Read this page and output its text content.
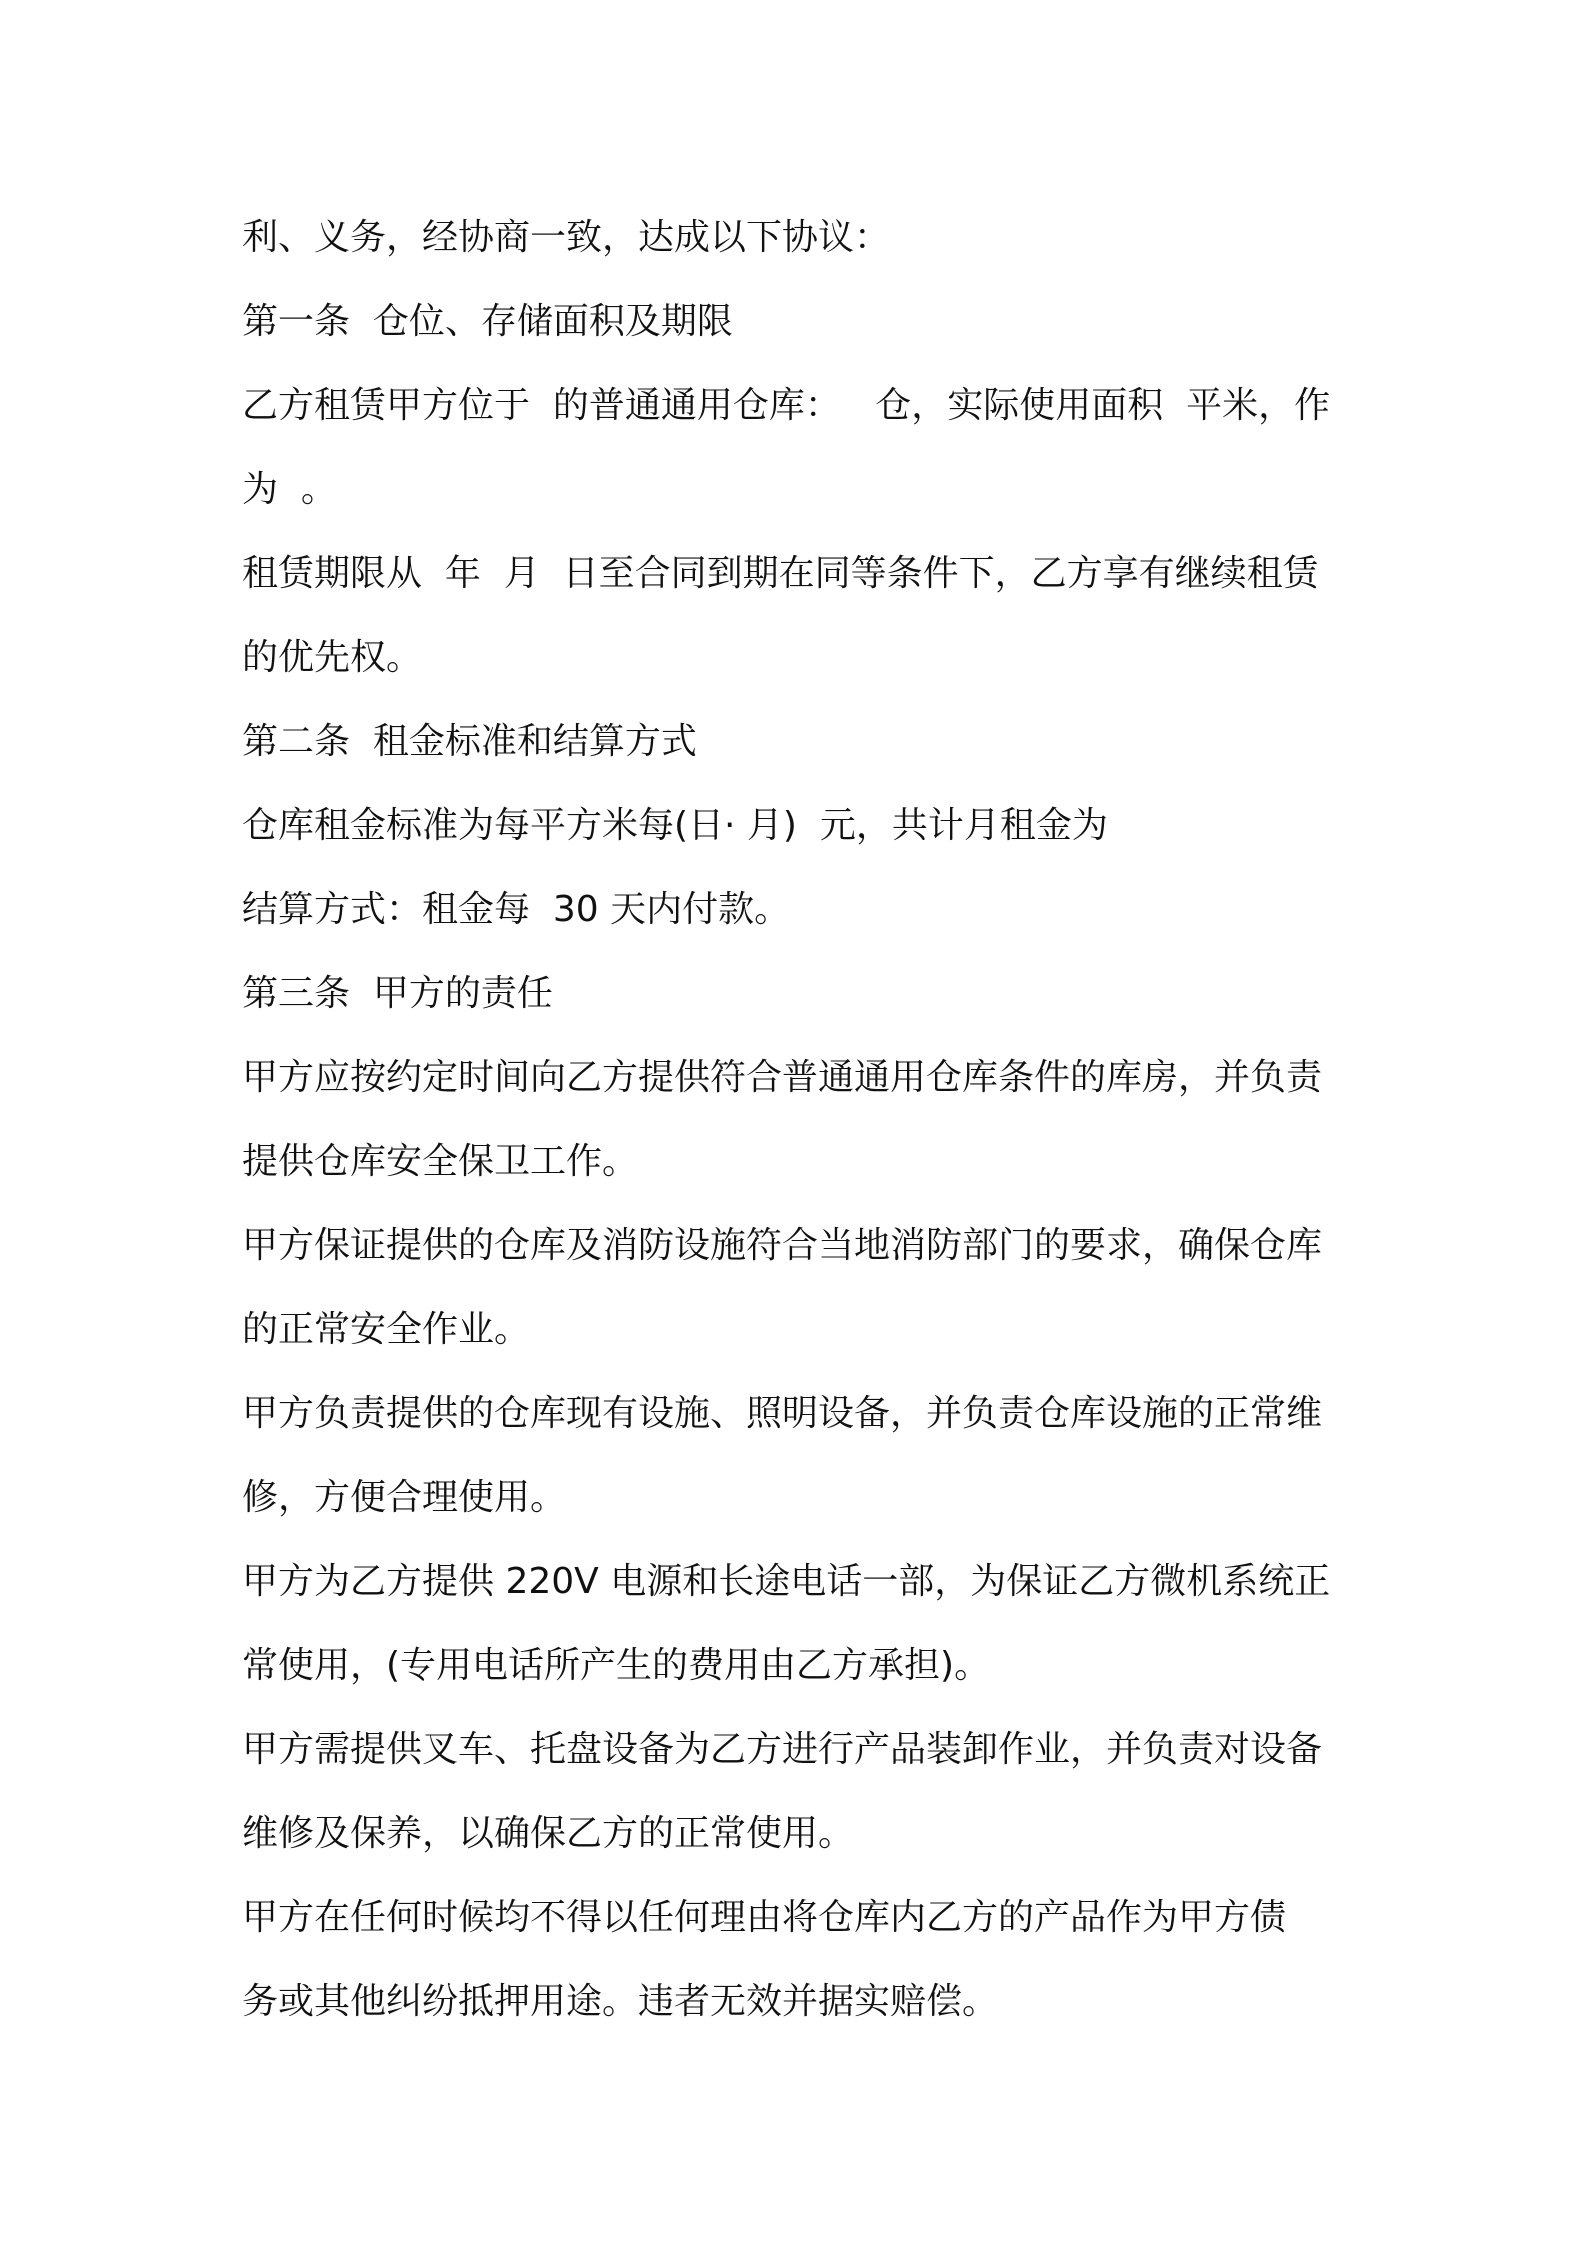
利、义务，经协商一致，达成以下协议：
第一条  仓位、存储面积及期限
乙方租赁甲方位于  的普通通用仓库：   仓，实际使用面积  平米，作
为  。
租赁期限从  年  月  日至合同到期在同等条件下，乙方享有继续租赁
的优先权。
第二条  租金标准和结算方式
仓库租金标准为每平方米每(日· 月)  元，共计月租金为
结算方式：租金每  30 天内付款。
第三条  甲方的责任
甲方应按约定时间向乙方提供符合普通通用仓库条件的库房，并负责
提供仓库安全保卫工作。
甲方保证提供的仓库及消防设施符合当地消防部门的要求，确保仓库
的正常安全作业。
甲方负责提供的仓库现有设施、照明设备，并负责仓库设施的正常维
修，方便合理使用。
甲方为乙方提供 220V 电源和长途电话一部，为保证乙方微机系统正
常使用，(专用电话所产生的费用由乙方承担)。
甲方需提供叉车、托盘设备为乙方进行产品装卸作业，并负责对设备
维修及保养，以确保乙方的正常使用。
甲方在任何时候均不得以任何理由将仓库内乙方的产品作为甲方债
务或其他纠纷抵押用途。违者无效并据实赔偿。
